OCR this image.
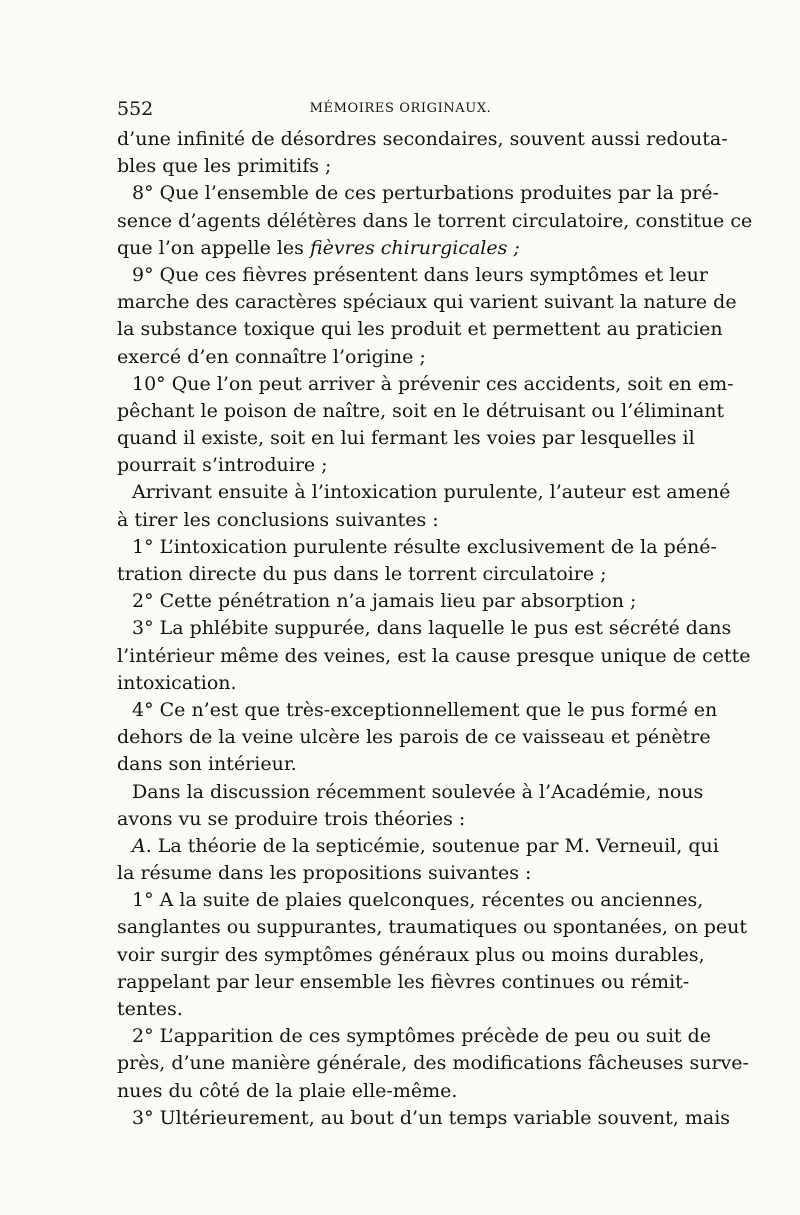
552	MÉMOIRES ORIGINAUX.
d’une infinité de désordres secondaires, souvent aussi redouta-
bles que les primitifs ;
8° Que l’ensemble de ces perturbations produites par la pré-
sence d’agents délétères dans le torrent circulatoire, constitue ce
que l’on appelle les fièvres chirurgicales ;
9° Que ces fièvres présentent dans leurs symptômes et leur
marche des caractères spéciaux qui varient suivant la nature de
la substance toxique qui les produit et permettent au praticien
exercé d’en connaître l’origine ;
10° Que l’on peut arriver à prévenir ces accidents, soit en em-
pêchant le poison de naître, soit en le détruisant ou l’éliminant
quand il existe, soit en lui fermant les voies par lesquelles il
pourrait s’introduire ;
Arrivant ensuite à l’intoxication purulente, l’auteur est amené
à tirer les conclusions suivantes :
1° L’intoxication purulente résulte exclusivement de la péné-
tration directe du pus dans le torrent circulatoire ;
2° Cette pénétration n’a jamais lieu par absorption ;
3° La phlébite suppurée, dans laquelle le pus est sécrété dans
l’intérieur même des veines, est la cause presque unique de cette
intoxication.
4° Ce n’est que très-exceptionnellement que le pus formé en
dehors de la veine ulcère les parois de ce vaisseau et pénètre
dans son intérieur.
Dans la discussion récemment soulevée à l’Académie, nous
avons vu se produire trois théories :
A. La théorie de la septicémie, soutenue par M. Verneuil, qui
la résume dans les propositions suivantes :
1° A la suite de plaies quelconques, récentes ou anciennes,
sanglantes ou suppurantes, traumatiques ou spontanées, on peut
voir surgir des symptômes généraux plus ou moins durables,
rappelant par leur ensemble les fièvres continues ou rémit-
tentes.
2° L’apparition de ces symptômes précède de peu ou suit de
près, d’une manière générale, des modifications fâcheuses surve-
nues du côté de la plaie elle-même.
3° Ultérieurement, au bout d’un temps variable souvent, mais
